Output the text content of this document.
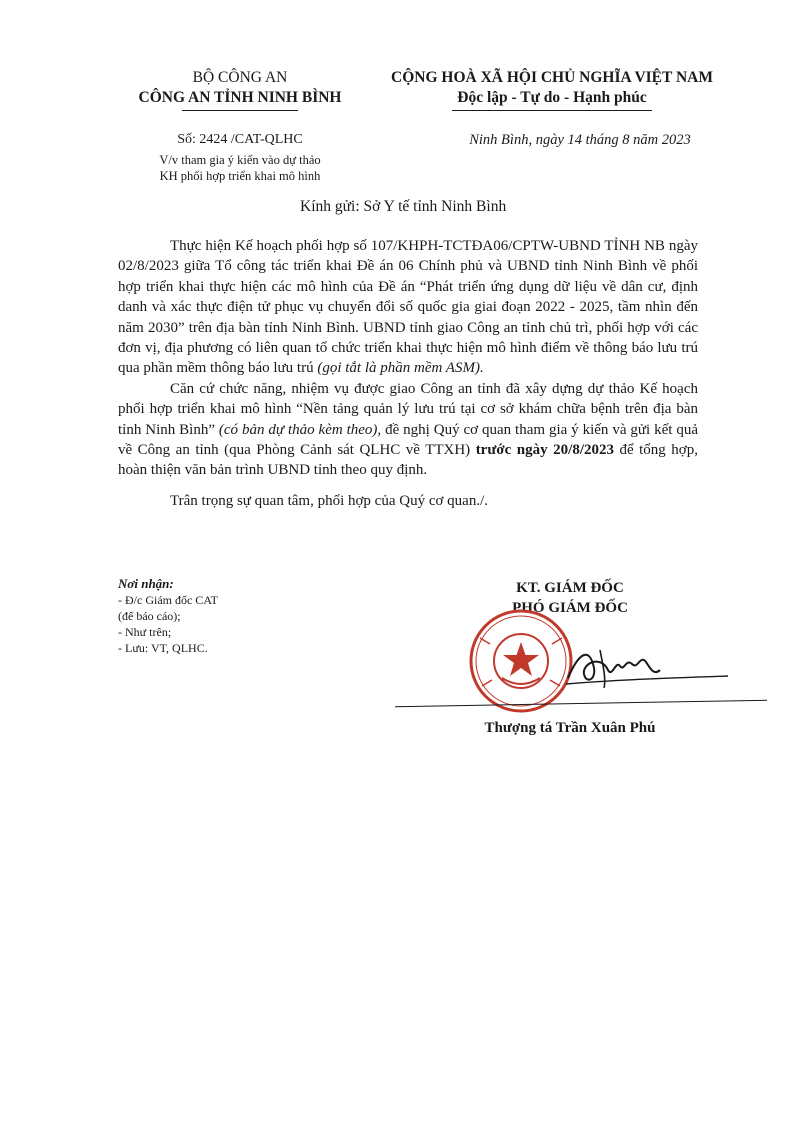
BỘ CÔNG AN
CÔNG AN TỈNH NINH BÌNH
CỘNG HOÀ XÃ HỘI CHỦ NGHĨA VIỆT NAM
Độc lập - Tự do - Hạnh phúc
Số: 2424 /CAT-QLHC
V/v tham gia ý kiến vào dự thảo
KH phối hợp triển khai mô hình
Ninh Bình, ngày 14 tháng 8 năm 2023
Kính gửi: Sở Y tế tỉnh Ninh Bình

Thực hiện Kế hoạch phối hợp số 107/KHPH-TCTĐA06/CPTW-UBND TỈNH NB ngày 02/8/2023 giữa Tổ công tác triển khai Đề án 06 Chính phủ và UBND tỉnh Ninh Bình về phối hợp triển khai thực hiện các mô hình của Đề án “Phát triển ứng dụng dữ liệu về dân cư, định danh và xác thực điện tử phục vụ chuyển đổi số quốc gia giai đoạn 2022 - 2025, tầm nhìn đến năm 2030” trên địa bàn tỉnh Ninh Bình. UBND tỉnh giao Công an tỉnh chủ trì, phối hợp với các đơn vị, địa phương có liên quan tổ chức triển khai thực hiện mô hình điểm về thông báo lưu trú qua phần mềm thông báo lưu trú (gọi tắt là phần mềm ASM).

Căn cứ chức năng, nhiệm vụ được giao Công an tỉnh đã xây dựng dự thảo Kế hoạch phối hợp triển khai mô hình “Nền tảng quản lý lưu trú tại cơ sở khám chữa bệnh trên địa bàn tỉnh Ninh Bình” (có bản dự thảo kèm theo), đề nghị Quý cơ quan tham gia ý kiến và gửi kết quả về Công an tỉnh (qua Phòng Cảnh sát QLHC về TTXH) trước ngày 20/8/2023 để tổng hợp, hoàn thiện văn bản trình UBND tỉnh theo quy định.

Trân trọng sự quan tâm, phối hợp của Quý cơ quan./.

Nơi nhận:
- Đ/c Giám đốc CAT
(để báo cáo);
- Như trên;
- Lưu: VT, QLHC.
KT. GIÁM ĐỐC
PHÓ GIÁM ĐỐC
Thượng tá Trần Xuân Phú
